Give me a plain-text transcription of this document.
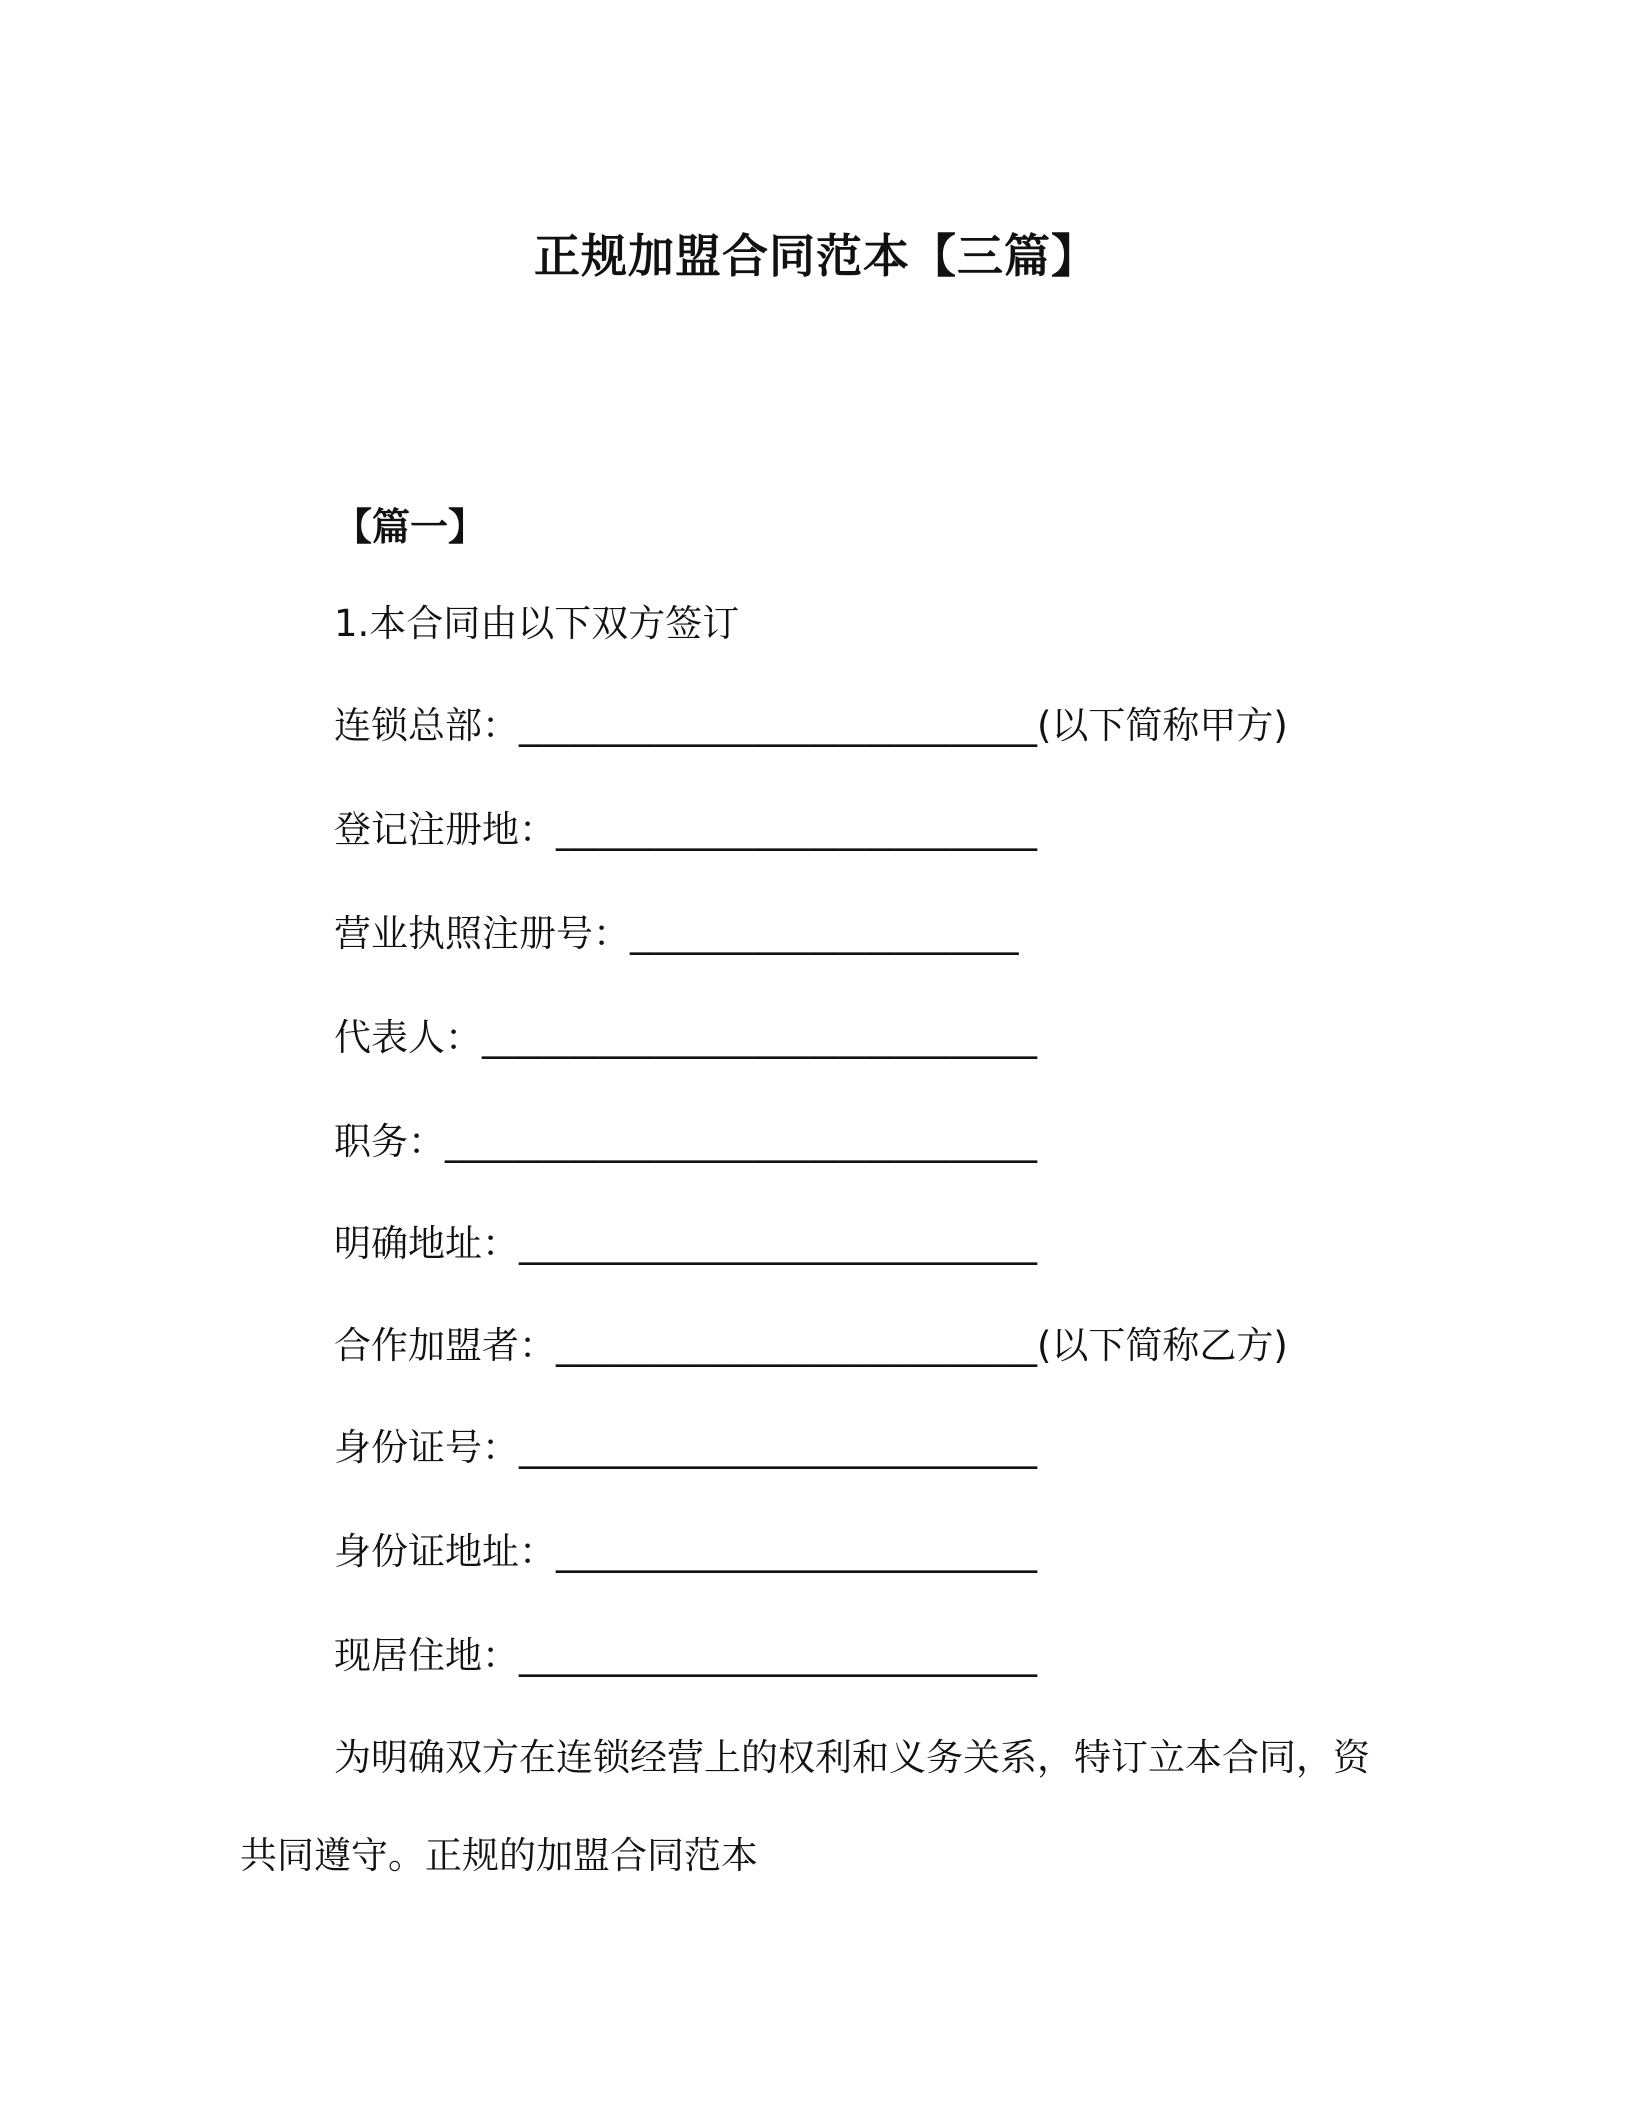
正规加盟合同范本【三篇】
【篇一】
1.本合同由以下双方签订
连锁总部：____________________________(以下简称甲方)
登记注册地：__________________________
营业执照注册号：_____________________
代表人：______________________________
职务：________________________________
明确地址：____________________________
合作加盟者：__________________________(以下简称乙方)
身份证号：____________________________
身份证地址：__________________________
现居住地：____________________________
为明确双方在连锁经营上的权利和义务关系，特订立本合同，资
共同遵守。正规的加盟合同范本
